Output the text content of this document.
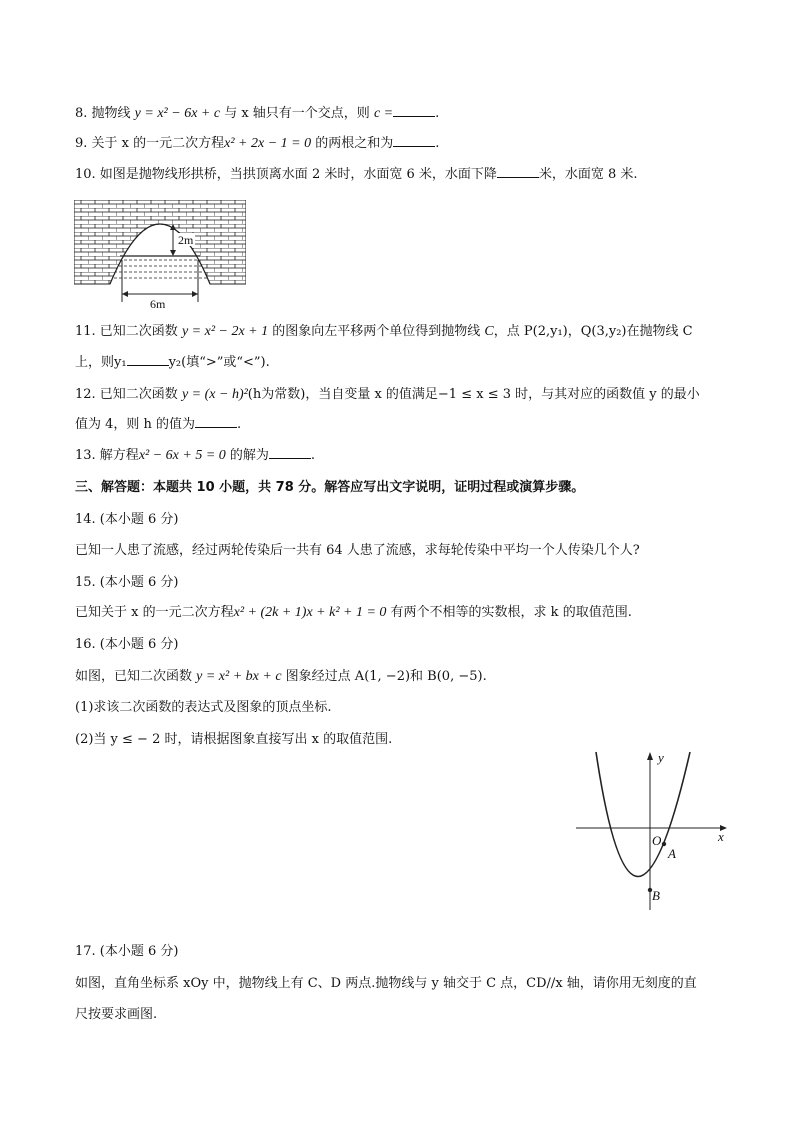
8. 抛物线 y = x² − 6x + c 与 x 轴只有一个交点，则 c =	.
9. 关于 x 的一元二次方程x² + 2x − 1 = 0 的两根之和为	.
10. 如图是抛物线形拱桥，当拱顶离水面 2 米时，水面宽 6 米，水面下降	米，水面宽 8 米.
2m
6m
11. 已知二次函数 y = x² − 2x + 1 的图象向左平移两个单位得到抛物线 C，点 P(2,y₁)，Q(3,y₂)在抛物线 C
上，则y₁	y₂(填“>”或“<”).
12. 已知二次函数 y = (x − h)²(h为常数)，当自变量 x 的值满足−1 ≤ x ≤ 3 时，与其对应的函数值 y 的最小
值为 4，则 h 的值为	.
13. 解方程x² − 6x + 5 = 0 的解为	.
三、解答题：本题共 10 小题，共 78 分。解答应写出文字说明，证明过程或演算步骤。
14. (本小题 6 分)
已知一人患了流感，经过两轮传染后一共有 64 人患了流感，求每轮传染中平均一个人传染几个人?
15. (本小题 6 分)
已知关于 x 的一元二次方程x² + (2k + 1)x + k² + 1 = 0 有两个不相等的实数根，求 k 的取值范围.
16. (本小题 6 分)
如图，已知二次函数 y = x² + bx + c 图象经过点 A(1, −2)和 B(0, −5).
(1)求该二次函数的表达式及图象的顶点坐标.
(2)当 y ≤ − 2 时，请根据图象直接写出 x 的取值范围.
x
y
O
A
B
17. (本小题 6 分)
如图，直角坐标系 xOy 中，抛物线上有 C、D 两点.抛物线与 y 轴交于 C 点，CD//x 轴，请你用无刻度的直
尺按要求画图.
